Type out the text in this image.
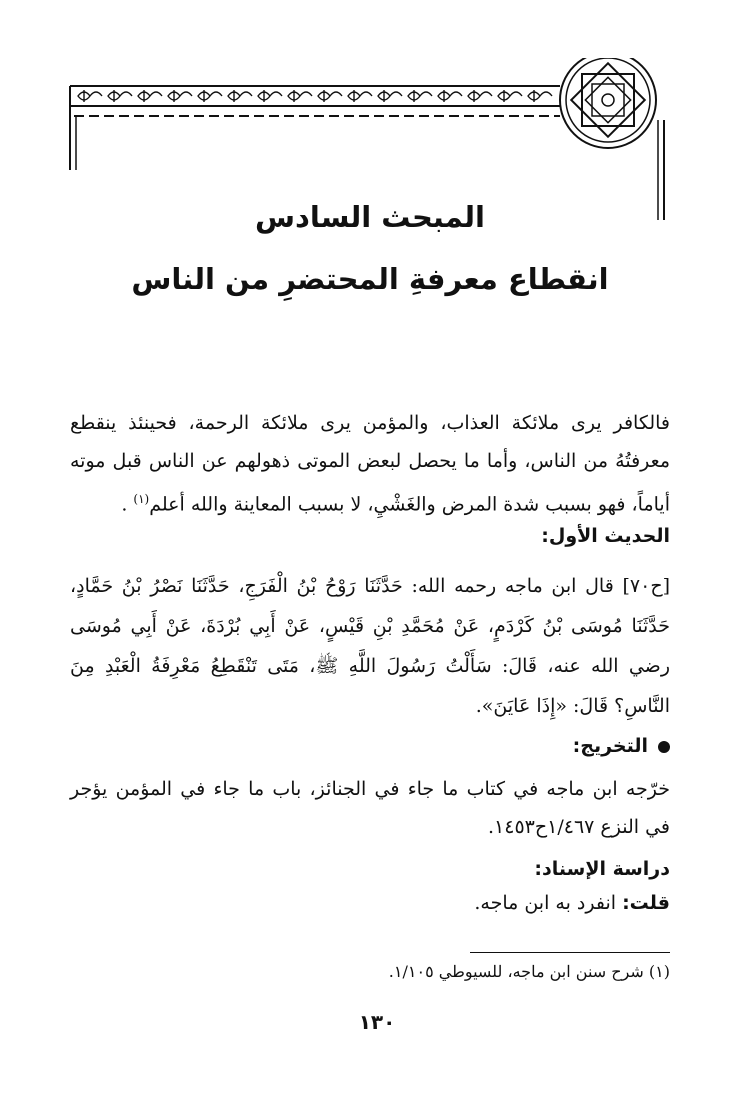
المبحث السادس
انقطاع معرفةِ المحتضرِ من الناس
فالكافر يرى ملائكة العذاب، والمؤمن يرى ملائكة الرحمة، فحينئذ ينقطع معرفتُهُ من الناس، وأما ما يحصل لبعض الموتى ذهولهم عن الناس قبل موته أياماً، فهو بسبب شدة المرض والغَشْيِ، لا بسبب المعاينة والله أعلم$^{(١)}$ .
الحديث الأول:
[ح٧٠] قال ابن ماجه رحمه الله: حَدَّثَنَا رَوْحُ بْنُ الْفَرَجِ، حَدَّثَنَا نَصْرُ بْنُ حَمَّادٍ، حَدَّثَنَا مُوسَى بْنُ كَرْدَمٍ، عَنْ مُحَمَّدِ بْنِ قَيْسٍ، عَنْ أَبِي بُرْدَةَ، عَنْ أَبِي مُوسَى رضي الله عنه، قَالَ: سَأَلْتُ رَسُولَ اللَّهِ ﷺ، مَتَى تَنْقَطِعُ مَعْرِفَةُ الْعَبْدِ مِنَ النَّاسِ؟ قَالَ: «إِذَا عَايَنَ».
التخريج:
خرّجه ابن ماجه في كتاب ما جاء في الجنائز، باب ما جاء في المؤمن يؤجر في النزع ١/٤٦٧ح١٤٥٣.
دراسة الإسناد:
قلت: انفرد به ابن ماجه.
(١) شرح سنن ابن ماجه، للسيوطي ١/١٠٥.
١٣٠
